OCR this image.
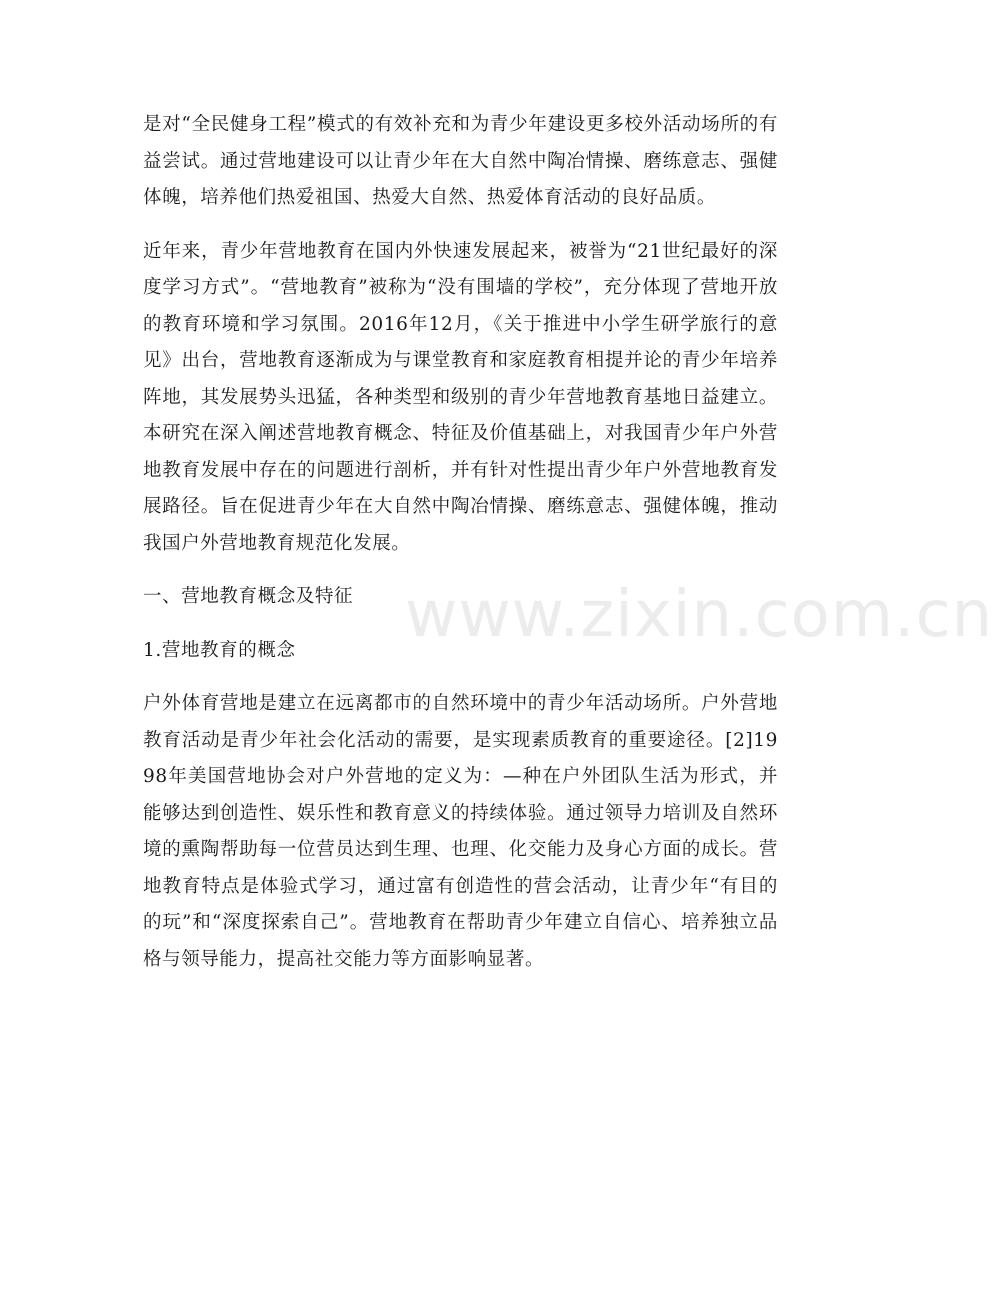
是对“全民健身工程”模式的有效补充和为青少年建设更多校外活动场所的有益尝试。通过营地建设可以让青少年在大自然中陶冶情操、磨练意志、强健体魄，培养他们热爱祖国、热爱大自然、热爱体育活动的良好品质。

近年来，青少年营地教育在国内外快速发展起来，被誉为“21世纪最好的深度学习方式”。“营地教育”被称为“没有围墙的学校”，充分体现了营地开放的教育环境和学习氛围。2016年12月，《关于推进中小学生研学旅行的意见》出台，营地教育逐渐成为与课堂教育和家庭教育相提并论的青少年培养阵地，其发展势头迅猛，各种类型和级别的青少年营地教育基地日益建立。本研究在深入阐述营地教育概念、特征及价值基础上，对我国青少年户外营地教育发展中存在的问题进行剖析，并有针对性提出青少年户外营地教育发展路径。旨在促进青少年在大自然中陶冶情操、磨练意志、强健体魄，推动我国户外营地教育规范化发展。

一、营地教育概念及特征

1.营地教育的概念

户外体育营地是建立在远离都市的自然环境中的青少年活动场所。户外营地教育活动是青少年社会化活动的需要，是实现素质教育的重要途径。[2]1998年美国营地协会对户外营地的定义为：—种在户外团队生活为形式，并能够达到创造性、娱乐性和教育意义的持续体验。通过领导力培训及自然环境的熏陶帮助每一位营员达到生理、也理、化交能力及身心方面的成长。营地教育特点是体验式学习，通过富有创造性的营会活动，让青少年“有目的的玩”和“深度探索自己”。营地教育在帮助青少年建立自信心、培养独立品格与领导能力，提高社交能力等方面影响显著。

www.zixin.com.cn
